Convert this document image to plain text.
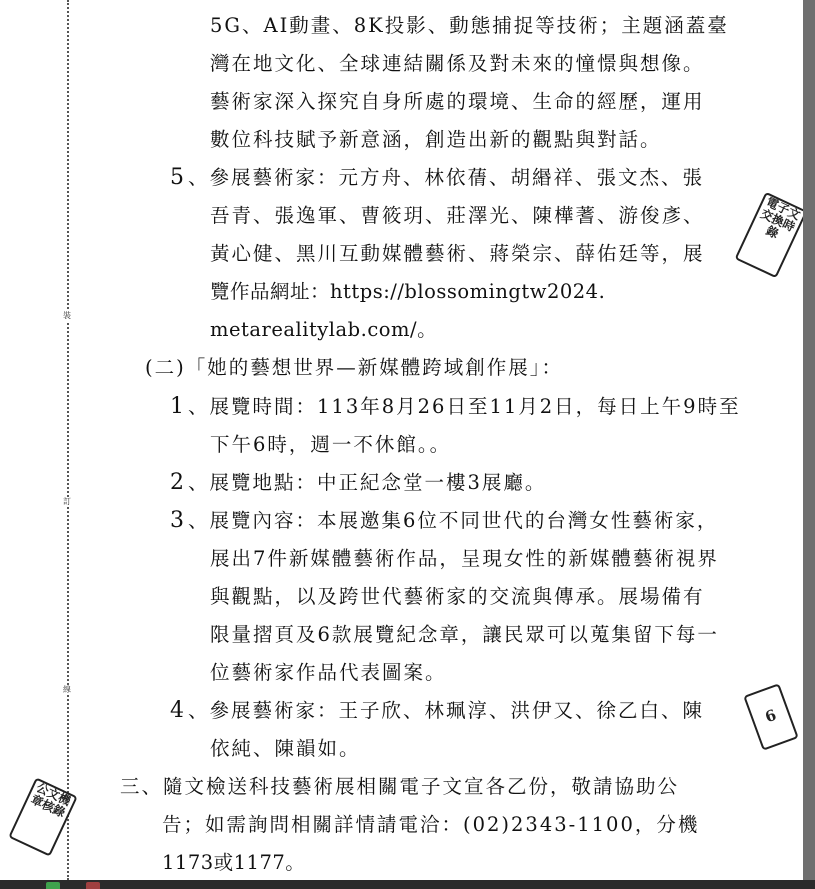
裝
訂
線
5G、AI動畫、8K投影、動態捕捉等技術；主題涵蓋臺
灣在地文化、全球連結關係及對未來的憧憬與想像。
藝術家深入探究自身所處的環境、生命的經歷，運用
數位科技賦予新意涵，創造出新的觀點與對話。
5 、參展藝術家：元方舟、林依蒨、胡緡祥、張文杰、張
吾青、張逸軍、曹筱玥、莊澤光、陳樺蓍、游俊彥、
黃心健、黑川互動媒體藝術、蔣榮宗、薛佑廷等，展
覽作品網址：https://blossomingtw2024.
metarealitylab.com/。
(二)「她的藝想世界—新媒體跨域創作展」：
1 、展覽時間：113年8月26日至11月2日，每日上午9時至
下午6時，週一不休館。。
2 、展覽地點：中正紀念堂一樓3展廳。
3 、展覽內容：本展邀集6位不同世代的台灣女性藝術家，
展出7件新媒體藝術作品，呈現女性的新媒體藝術視界
與觀點，以及跨世代藝術家的交流與傳承。展場備有
限量摺頁及6款展覽紀念章，讓民眾可以蒐集留下每一
位藝術家作品代表圖案。
4 、參展藝術家：王子欣、林珮淳、洪伊又、徐乙白、陳
依純、陳韻如。
三、隨文檢送科技藝術展相關電子文宣各乙份，敬請協助公
告；如需詢問相關詳情請電洽：(02)2343-1100，分機
1173或1177。
電子文交換時錄
6
公文機章核錄
